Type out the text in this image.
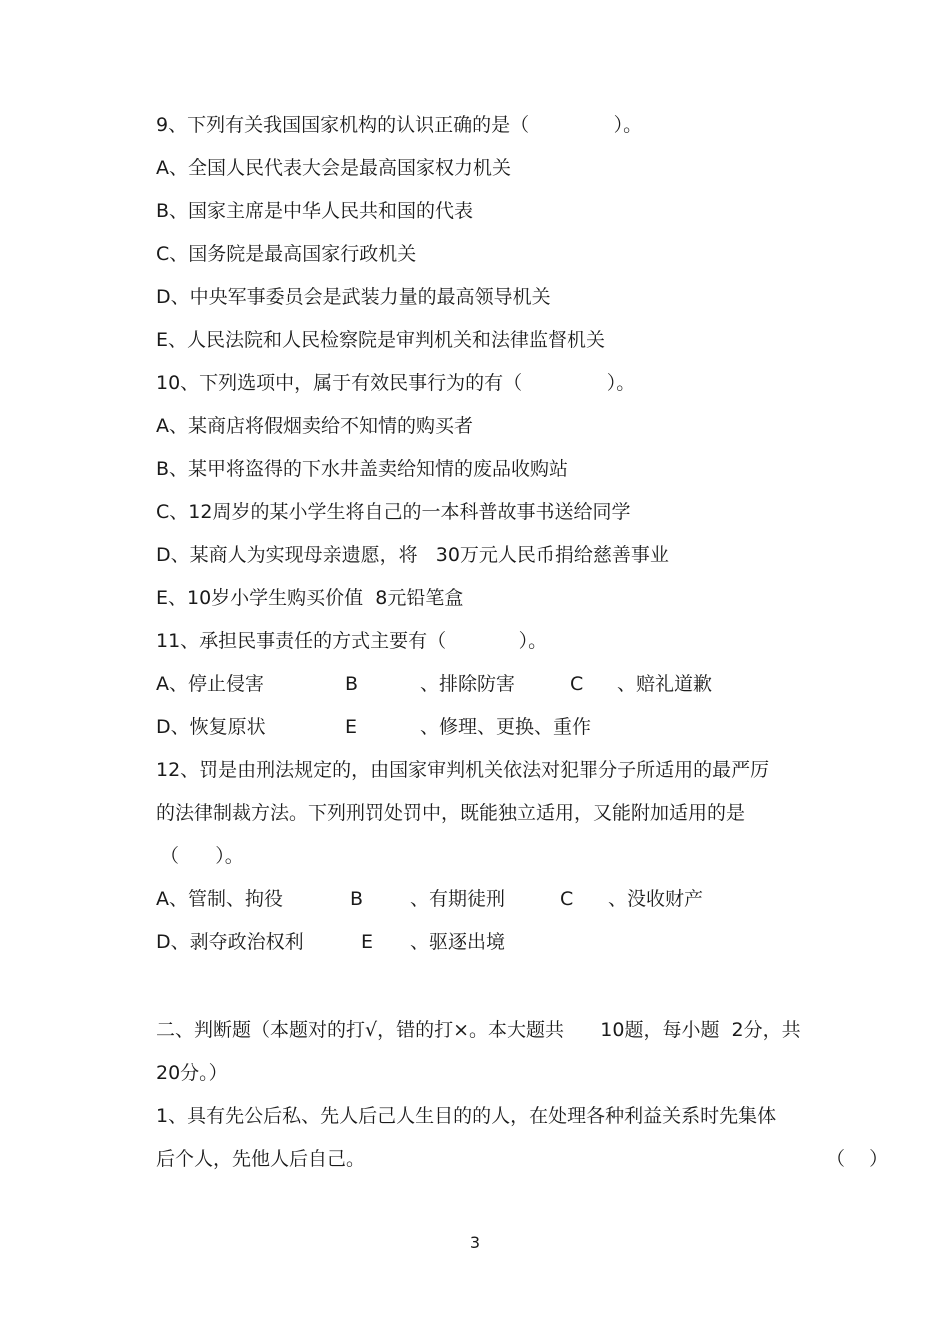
9、下列有关我国国家机构的认识正确的是（              ）。
A、全国人民代表大会是最高国家权力机关
B、国家主席是中华人民共和国的代表
C、国务院是最高国家行政机关
D、中央军事委员会是武装力量的最高领导机关
E、人民法院和人民检察院是审判机关和法律监督机关
10、下列选项中，属于有效民事行为的有（              ）。
A、某商店将假烟卖给不知情的购买者
B、某甲将盗得的下水井盖卖给知情的废品收购站
C、12周岁的某小学生将自己的一本科普故事书送给同学
D、某商人为实现母亲遗愿，将   30万元人民币捐给慈善事业
E、10岁小学生购买价值  8元铅笔盒
11、承担民事责任的方式主要有（            ）。
A、停止侵害	B	、排除防害	C 、赔礼道歉
D、恢复原状	E	、修理、更换、重作
12、罚是由刑法规定的，由国家审判机关依法对犯罪分子所适用的最严厉
的法律制裁方法。下列刑罚处罚中，既能独立适用，又能附加适用的是
（      ）。
A、管制、拘役	B 、有期徒刑	C 、没收财产
D、剥夺政治权利	E 、驱逐出境
二、判断题（本题对的打√，错的打×。本大题共      10题，每小题  2分，共
20分。）
1、具有先公后私、先人后己人生目的的人，在处理各种利益关系时先集体
后个人，先他人后自己。	（    ）
3
